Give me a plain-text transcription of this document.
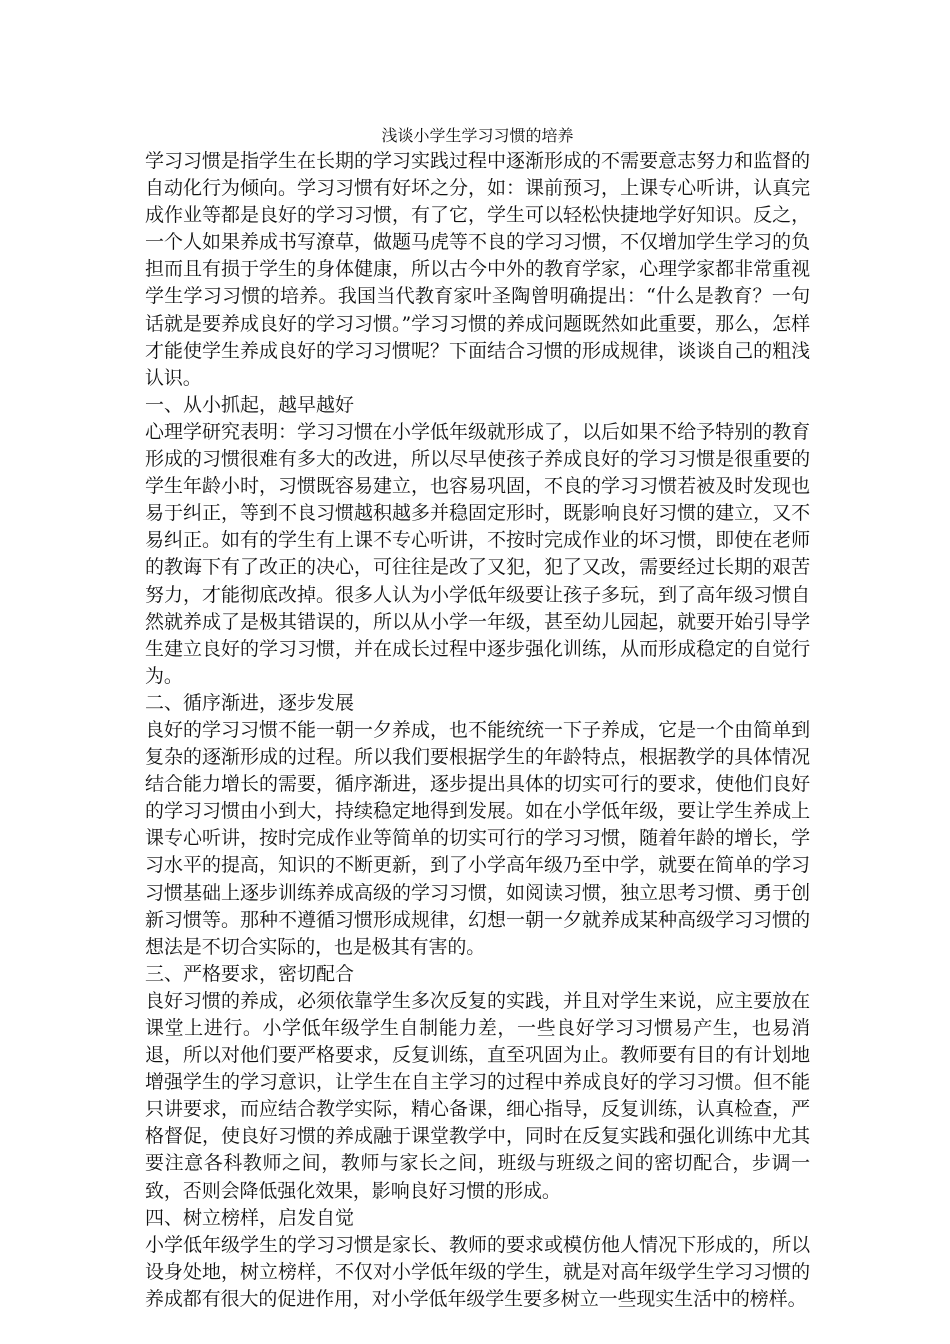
浅谈小学生学习习惯的培养

学习习惯是指学生在长期的学习实践过程中逐渐形成的不需要意志努力和监督的自动化行为倾向。学习习惯有好坏之分，如：课前预习，上课专心听讲，认真完成作业等都是良好的学习习惯，有了它，学生可以轻松快捷地学好知识。反之，一个人如果养成书写潦草，做题马虎等不良的学习习惯，不仅增加学生学习的负担而且有损于学生的身体健康，所以古今中外的教育学家，心理学家都非常重视学生学习习惯的培养。我国当代教育家叶圣陶曾明确提出：“什么是教育？一句话就是要养成良好的学习习惯。”学习习惯的养成问题既然如此重要，那么，怎样才能使学生养成良好的学习习惯呢？下面结合习惯的形成规律，谈谈自己的粗浅认识。

一、从小抓起，越早越好

心理学研究表明：学习习惯在小学低年级就形成了，以后如果不给予特别的教育形成的习惯很难有多大的改进，所以尽早使孩子养成良好的学习习惯是很重要的学生年龄小时，习惯既容易建立，也容易巩固，不良的学习习惯若被及时发现也易于纠正，等到不良习惯越积越多并稳固定形时，既影响良好习惯的建立，又不易纠正。如有的学生有上课不专心听讲，不按时完成作业的坏习惯，即使在老师的教诲下有了改正的决心，可往往是改了又犯，犯了又改，需要经过长期的艰苦努力，才能彻底改掉。很多人认为小学低年级要让孩子多玩，到了高年级习惯自然就养成了是极其错误的，所以从小学一年级，甚至幼儿园起，就要开始引导学生建立良好的学习习惯，并在成长过程中逐步强化训练，从而形成稳定的自觉行为。

二、循序渐进，逐步发展

良好的学习习惯不能一朝一夕养成，也不能统统一下子养成，它是一个由简单到复杂的逐渐形成的过程。所以我们要根据学生的年龄特点，根据教学的具体情况结合能力增长的需要，循序渐进，逐步提出具体的切实可行的要求，使他们良好的学习习惯由小到大，持续稳定地得到发展。如在小学低年级，要让学生养成上课专心听讲，按时完成作业等简单的切实可行的学习习惯，随着年龄的增长，学习水平的提高，知识的不断更新，到了小学高年级乃至中学，就要在简单的学习习惯基础上逐步训练养成高级的学习习惯，如阅读习惯，独立思考习惯、勇于创新习惯等。那种不遵循习惯形成规律，幻想一朝一夕就养成某种高级学习习惯的想法是不切合实际的，也是极其有害的。

三、严格要求，密切配合

良好习惯的养成，必须依靠学生多次反复的实践，并且对学生来说，应主要放在课堂上进行。小学低年级学生自制能力差，一些良好学习习惯易产生，也易消退，所以对他们要严格要求，反复训练，直至巩固为止。教师要有目的有计划地增强学生的学习意识，让学生在自主学习的过程中养成良好的学习习惯。但不能只讲要求，而应结合教学实际，精心备课，细心指导，反复训练，认真检查，严格督促，使良好习惯的养成融于课堂教学中，同时在反复实践和强化训练中尤其要注意各科教师之间，教师与家长之间，班级与班级之间的密切配合，步调一致，否则会降低强化效果，影响良好习惯的形成。

四、树立榜样，启发自觉

小学低年级学生的学习习惯是家长、教师的要求或模仿他人情况下形成的，所以设身处地，树立榜样，不仅对小学低年级的学生，就是对高年级学生学习习惯的养成都有很大的促进作用，对小学低年级学生要多树立一些现实生活中的榜样。
